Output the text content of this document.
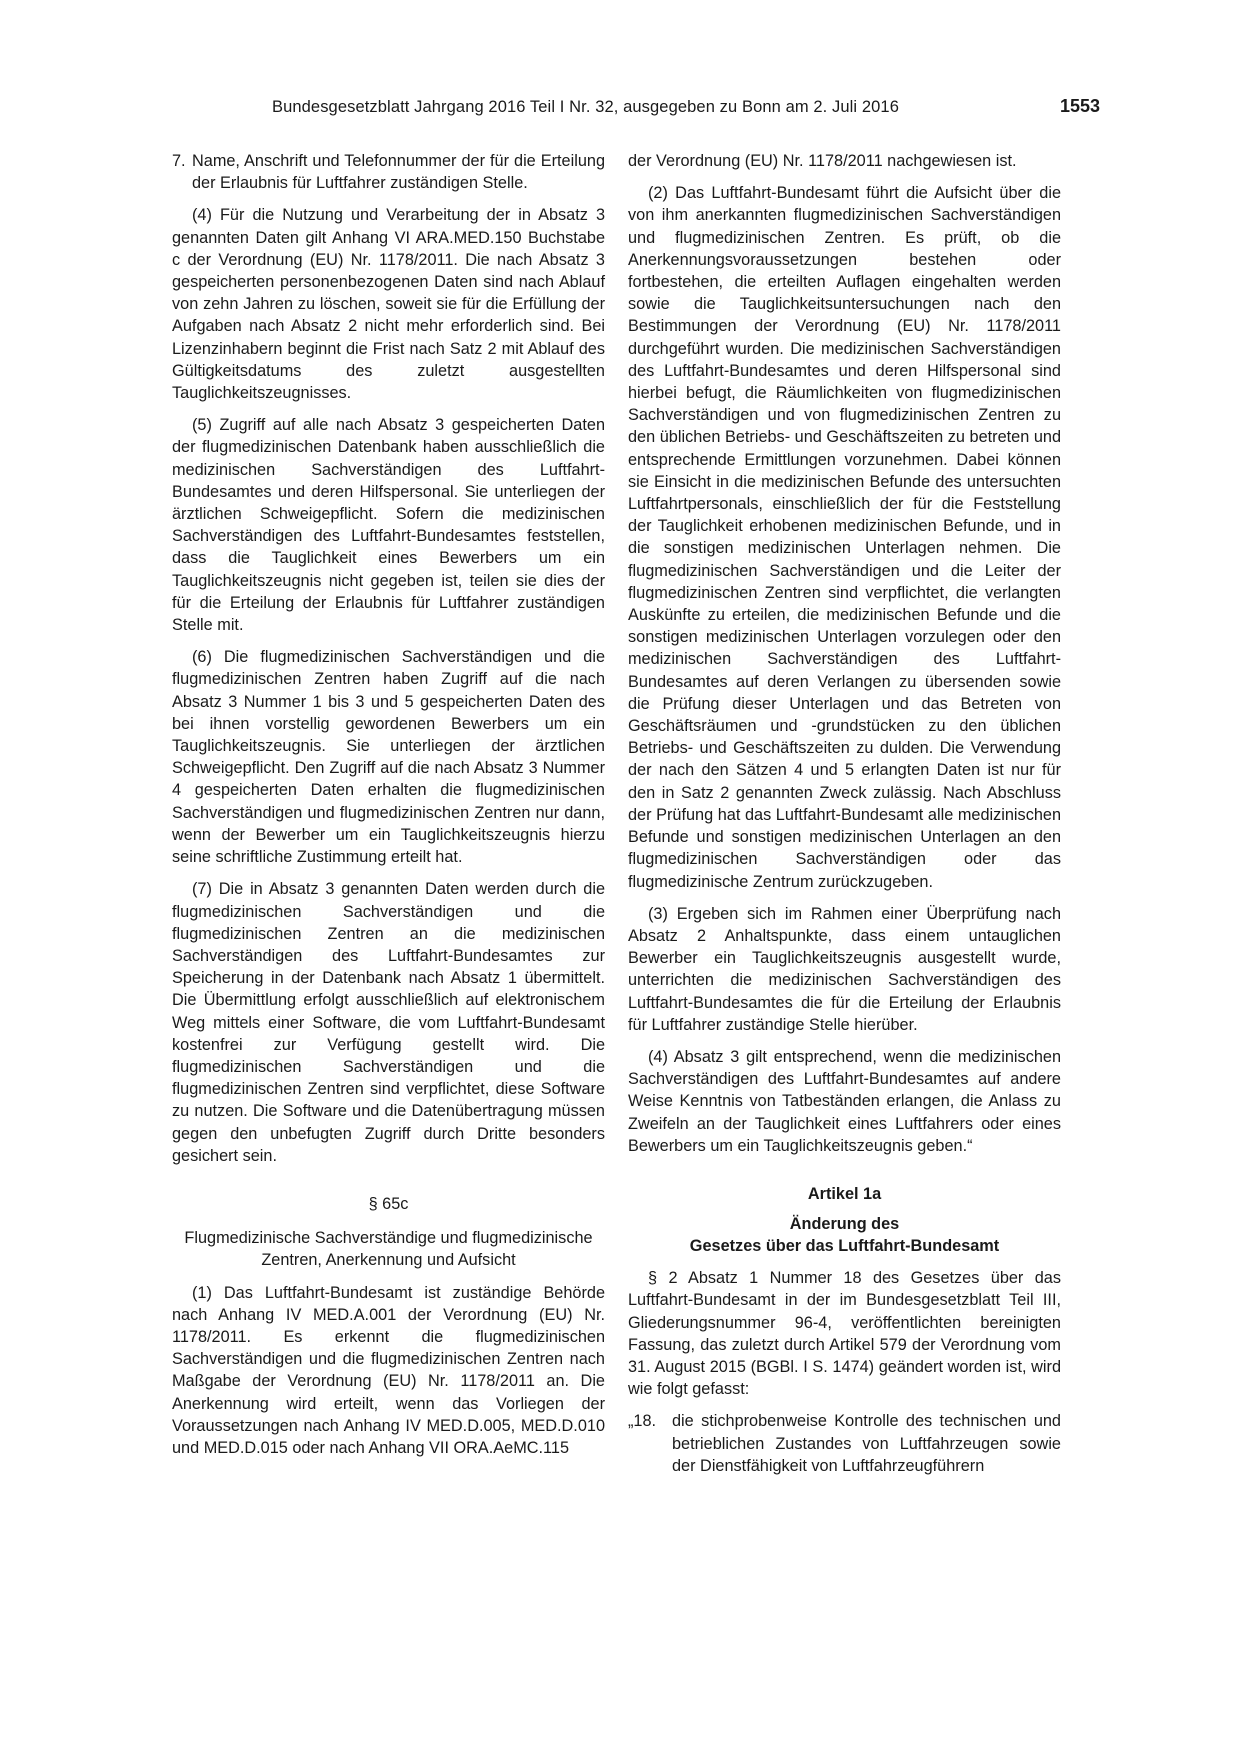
Bundesgesetzblatt Jahrgang 2016 Teil I Nr. 32, ausgegeben zu Bonn am 2. Juli 2016	1553
7. Name, Anschrift und Telefonnummer der für die Erteilung der Erlaubnis für Luftfahrer zuständigen Stelle.

(4) Für die Nutzung und Verarbeitung der in Absatz 3 genannten Daten gilt Anhang VI ARA.MED.150 Buchstabe c der Verordnung (EU) Nr. 1178/2011. Die nach Absatz 3 gespeicherten personenbezogenen Daten sind nach Ablauf von zehn Jahren zu löschen, soweit sie für die Erfüllung der Aufgaben nach Absatz 2 nicht mehr erforderlich sind. Bei Lizenzinhabern beginnt die Frist nach Satz 2 mit Ablauf des Gültigkeitsdatums des zuletzt ausgestellten Tauglichkeitszeugnisses.

(5) Zugriff auf alle nach Absatz 3 gespeicherten Daten der flugmedizinischen Datenbank haben ausschließlich die medizinischen Sachverständigen des Luftfahrt-Bundesamtes und deren Hilfspersonal. Sie unterliegen der ärztlichen Schweigepflicht. Sofern die medizinischen Sachverständigen des Luftfahrt-Bundesamtes feststellen, dass die Tauglichkeit eines Bewerbers um ein Tauglichkeitszeugnis nicht gegeben ist, teilen sie dies der für die Erteilung der Erlaubnis für Luftfahrer zuständigen Stelle mit.

(6) Die flugmedizinischen Sachverständigen und die flugmedizinischen Zentren haben Zugriff auf die nach Absatz 3 Nummer 1 bis 3 und 5 gespeicherten Daten des bei ihnen vorstellig gewordenen Bewerbers um ein Tauglichkeitszeugnis. Sie unterliegen der ärztlichen Schweigepflicht. Den Zugriff auf die nach Absatz 3 Nummer 4 gespeicherten Daten erhalten die flugmedizinischen Sachverständigen und flugmedizinischen Zentren nur dann, wenn der Bewerber um ein Tauglichkeitszeugnis hierzu seine schriftliche Zustimmung erteilt hat.

(7) Die in Absatz 3 genannten Daten werden durch die flugmedizinischen Sachverständigen und die flugmedizinischen Zentren an die medizinischen Sachverständigen des Luftfahrt-Bundesamtes zur Speicherung in der Datenbank nach Absatz 1 übermittelt. Die Übermittlung erfolgt ausschließlich auf elektronischem Weg mittels einer Software, die vom Luftfahrt-Bundesamt kostenfrei zur Verfügung gestellt wird. Die flugmedizinischen Sachverständigen und die flugmedizinischen Zentren sind verpflichtet, diese Software zu nutzen. Die Software und die Datenübertragung müssen gegen den unbefugten Zugriff durch Dritte besonders gesichert sein.

§ 65c

Flugmedizinische Sachverständige und flugmedizinische Zentren, Anerkennung und Aufsicht

(1) Das Luftfahrt-Bundesamt ist zuständige Behörde nach Anhang IV MED.A.001 der Verordnung (EU) Nr. 1178/2011. Es erkennt die flugmedizinischen Sachverständigen und die flugmedizinischen Zentren nach Maßgabe der Verordnung (EU) Nr. 1178/2011 an. Die Anerkennung wird erteilt, wenn das Vorliegen der Voraussetzungen nach Anhang IV MED.D.005, MED.D.010 und MED.D.015 oder nach Anhang VII ORA.AeMC.115

der Verordnung (EU) Nr. 1178/2011 nachgewiesen ist.

(2) Das Luftfahrt-Bundesamt führt die Aufsicht über die von ihm anerkannten flugmedizinischen Sachverständigen und flugmedizinischen Zentren. Es prüft, ob die Anerkennungsvoraussetzungen bestehen oder fortbestehen, die erteilten Auflagen eingehalten werden sowie die Tauglichkeitsuntersuchungen nach den Bestimmungen der Verordnung (EU) Nr. 1178/2011 durchgeführt wurden. Die medizinischen Sachverständigen des Luftfahrt-Bundesamtes und deren Hilfspersonal sind hierbei befugt, die Räumlichkeiten von flugmedizinischen Sachverständigen und von flugmedizinischen Zentren zu den üblichen Betriebs- und Geschäftszeiten zu betreten und entsprechende Ermittlungen vorzunehmen. Dabei können sie Einsicht in die medizinischen Befunde des untersuchten Luftfahrtpersonals, einschließlich der für die Feststellung der Tauglichkeit erhobenen medizinischen Befunde, und in die sonstigen medizinischen Unterlagen nehmen. Die flugmedizinischen Sachverständigen und die Leiter der flugmedizinischen Zentren sind verpflichtet, die verlangten Auskünfte zu erteilen, die medizinischen Befunde und die sonstigen medizinischen Unterlagen vorzulegen oder den medizinischen Sachverständigen des Luftfahrt-Bundesamtes auf deren Verlangen zu übersenden sowie die Prüfung dieser Unterlagen und das Betreten von Geschäftsräumen und -grundstücken zu den üblichen Betriebs- und Geschäftszeiten zu dulden. Die Verwendung der nach den Sätzen 4 und 5 erlangten Daten ist nur für den in Satz 2 genannten Zweck zulässig. Nach Abschluss der Prüfung hat das Luftfahrt-Bundesamt alle medizinischen Befunde und sonstigen medizinischen Unterlagen an den flugmedizinischen Sachverständigen oder das flugmedizinische Zentrum zurückzugeben.

(3) Ergeben sich im Rahmen einer Überprüfung nach Absatz 2 Anhaltspunkte, dass einem untauglichen Bewerber ein Tauglichkeitszeugnis ausgestellt wurde, unterrichten die medizinischen Sachverständigen des Luftfahrt-Bundesamtes die für die Erteilung der Erlaubnis für Luftfahrer zuständige Stelle hierüber.

(4) Absatz 3 gilt entsprechend, wenn die medizinischen Sachverständigen des Luftfahrt-Bundesamtes auf andere Weise Kenntnis von Tatbeständen erlangen, die Anlass zu Zweifeln an der Tauglichkeit eines Luftfahrers oder eines Bewerbers um ein Tauglichkeitszeugnis geben.“

Artikel 1a

Änderung des
Gesetzes über das Luftfahrt-Bundesamt

§ 2 Absatz 1 Nummer 18 des Gesetzes über das Luftfahrt-Bundesamt in der im Bundesgesetzblatt Teil III, Gliederungsnummer 96-4, veröffentlichten bereinigten Fassung, das zuletzt durch Artikel 579 der Verordnung vom 31. August 2015 (BGBl. I S. 1474) geändert worden ist, wird wie folgt gefasst:

„18. die stichprobenweise Kontrolle des technischen und betrieblichen Zustandes von Luftfahrzeugen sowie der Dienstfähigkeit von Luftfahrzeugführern
